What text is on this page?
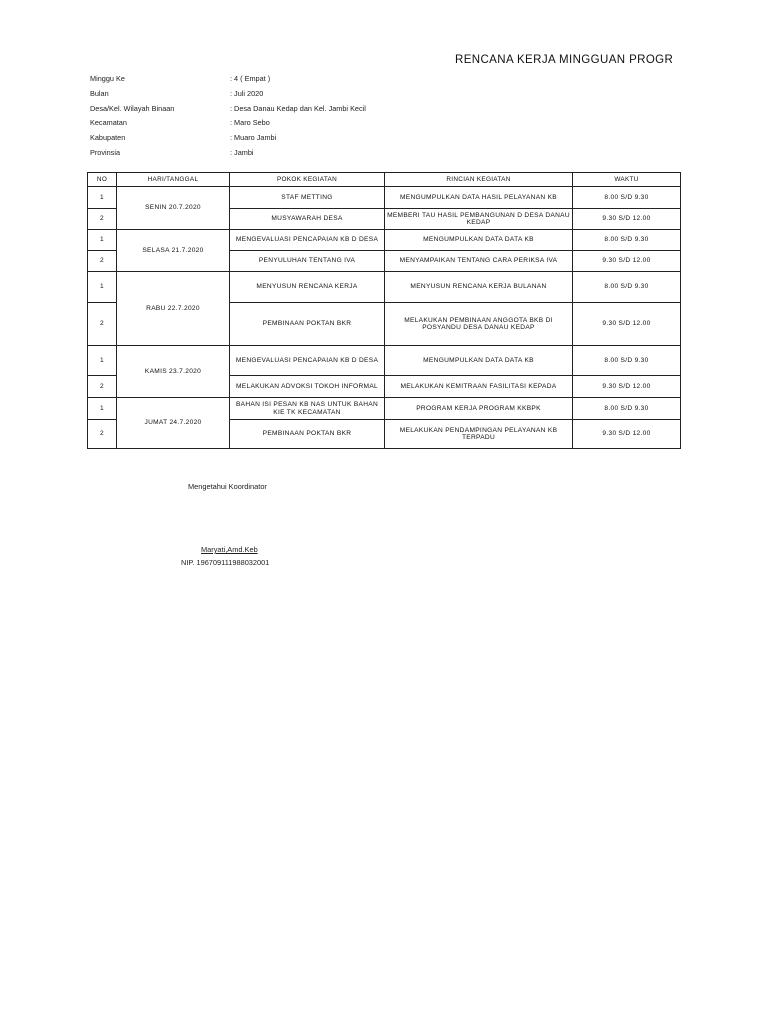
RENCANA KERJA MINGGUAN PROGR
Minggu Ke	: 4 ( Empat )
Bulan	: Juli 2020
Desa/Kel. Wilayah Binaan	: Desa Danau Kedap dan Kel. Jambi Kecil
Kecamatan	: Maro Sebo
Kabupaten	: Muaro Jambi
Provinsia	: Jambi
NO	HARI/TANGGAL	POKOK KEGIATAN	RINCIAN KEGIATAN	WAKTU
1	SENIN 20.7.2020	STAF METTING	MENGUMPULKAN DATA HASIL PELAYANAN KB	8.00 S/D 9.30
2		MUSYAWARAH DESA	MEMBERI TAU HASIL PEMBANGUNAN D DESA DANAU KEDAP	9.30 S/D 12.00
1	SELASA 21.7.2020	MENGEVALUASI PENCAPAIAN KB D DESA	MENGUMPULKAN DATA DATA KB	8.00 S/D 9.30
2		PENYULUHAN TENTANG IVA	MENYAMPAIKAN TENTANG CARA PERIKSA IVA	9.30 S/D 12.00
1	RABU 22.7.2020	MENYUSUN RENCANA KERJA	MENYUSUN RENCANA KERJA BULANAN	8.00 S/D 9.30
2		PEMBINAAN POKTAN BKR	MELAKUKAN PEMBINAAN ANGGOTA BKB DI POSYANDU DESA DANAU KEDAP	9.30 S/D 12.00
1	KAMIS 23.7.2020	MENGEVALUASI PENCAPAIAN KB D DESA	MENGUMPULKAN DATA DATA KB	8.00 S/D 9.30
2		MELAKUKAN ADVOKSI TOKOH INFORMAL	MELAKUKAN KEMITRAAN FASILITASI KEPADA	9.30 S/D 12.00
1	JUMAT 24.7.2020	BAHAN ISI PESAN KB NAS UNTUK BAHAN KIE TK KECAMATAN	PROGRAM KERJA PROGRAM KKBPK	8.00 S/D 9.30
2		PEMBINAAN POKTAN BKR	MELAKUKAN PENDAMPINGAN PELAYANAN KB TERPADU	9.30 S/D 12.00
Mengetahui Koordinator
Maryati,Amd.Keb
NIP. 196709111988032001
